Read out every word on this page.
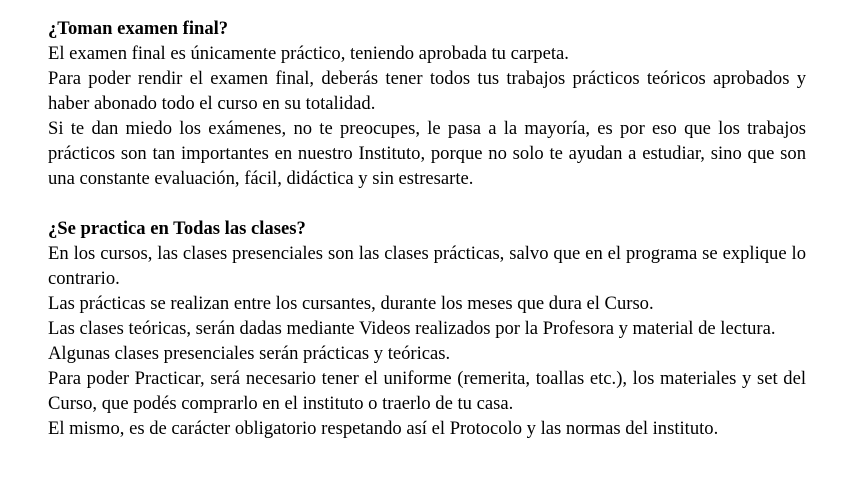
¿Toman examen final?

El examen final es únicamente práctico, teniendo aprobada tu carpeta.

Para poder rendir el examen final, deberás tener todos tus trabajos prácticos teóricos aprobados y haber abonado todo el curso en su totalidad.

Si te dan miedo los exámenes, no te preocupes, le pasa a la mayoría, es por eso que los trabajos prácticos son tan importantes en nuestro Instituto, porque no solo te ayudan a estudiar, sino que son una constante evaluación, fácil, didáctica y sin estresarte.

¿Se practica en Todas las clases?

En los cursos, las clases presenciales son las clases prácticas, salvo que en el programa se explique lo contrario.

Las prácticas se realizan entre los cursantes, durante los meses que dura el Curso.

Las clases teóricas, serán dadas mediante Videos realizados por la Profesora y material de lectura.

Algunas clases presenciales serán prácticas y teóricas.

Para poder Practicar, será necesario tener el uniforme (remerita, toallas etc.), los materiales y set del Curso, que podés comprarlo en el instituto o traerlo de tu casa.

El mismo, es de carácter obligatorio respetando así el Protocolo y las normas del instituto.
